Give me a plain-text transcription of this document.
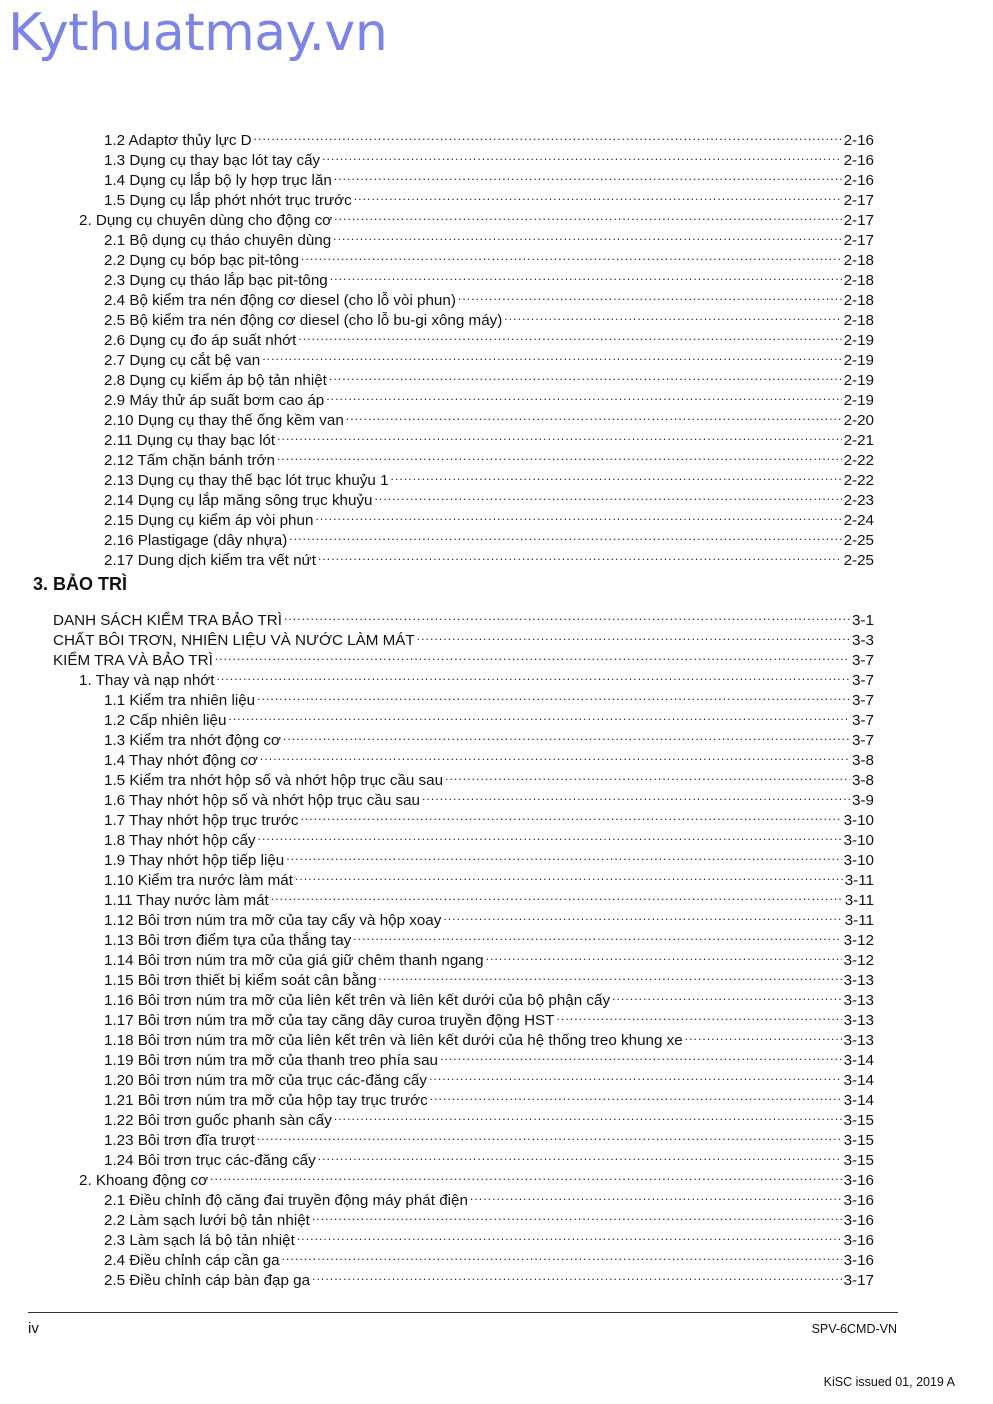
Kythuatmay.vn
1.2 Adaptơ thủy lực D .....	2-16
1.3 Dụng cụ thay bạc lót tay cấy .....	2-16
1.4 Dụng cụ lắp bộ ly hợp trục lăn .....	2-16
1.5 Dụng cụ lắp phớt nhớt trục trước .....	2-17
2. Dụng cụ chuyên dùng cho động cơ .....	2-17
2.1 Bộ dụng cụ tháo chuyên dùng .....	2-17
2.2 Dụng cụ bóp bạc pit-tông .....	2-18
2.3 Dụng cụ tháo lắp bạc pit-tông .....	2-18
2.4 Bộ kiểm tra nén động cơ diesel (cho lỗ vòi phun) .....	2-18
2.5 Bộ kiểm tra nén động cơ diesel (cho lỗ bu-gi xông máy) .....	2-18
2.6 Dụng cụ đo áp suất nhớt .....	2-19
2.7 Dụng cụ cắt bệ van .....	2-19
2.8 Dụng cụ kiểm áp bộ tản nhiệt .....	2-19
2.9 Máy thử áp suất bơm cao áp .....	2-19
2.10 Dụng cụ thay thế ống kềm van .....	2-20
2.11 Dụng cụ thay bạc lót .....	2-21
2.12 Tấm chặn bánh trớn .....	2-22
2.13 Dụng cụ thay thế bạc lót trục khuỷu 1 .....	2-22
2.14 Dụng cụ lắp măng sông trục khuỷu .....	2-23
2.15 Dụng cụ kiểm áp vòi phun .....	2-24
2.16 Plastigage (dây nhựa) .....	2-25
2.17 Dung dịch kiểm tra vết nứt .....	2-25
3. BẢO TRÌ
DANH SÁCH KIỂM TRA BẢO TRÌ .....	3-1
CHẤT BÔI TRƠN, NHIÊN LIỆU VÀ NƯỚC LÀM MÁT .....	3-3
KIỂM TRA VÀ BẢO TRÌ .....	3-7
1. Thay và nạp nhớt .....	3-7
1.1 Kiểm tra nhiên liệu .....	3-7
1.2 Cấp nhiên liệu .....	3-7
1.3 Kiểm tra nhớt động cơ .....	3-7
1.4 Thay nhớt động cơ .....	3-8
1.5 Kiểm tra nhớt hộp số và nhớt hộp trục cầu sau .....	3-8
1.6 Thay nhớt hộp số và nhớt hộp trục cầu sau .....	3-9
1.7 Thay nhớt hộp trục trước .....	3-10
1.8 Thay nhớt hộp cấy .....	3-10
1.9 Thay nhớt hộp tiếp liệu .....	3-10
1.10 Kiểm tra nước làm mát .....	3-11
1.11 Thay nước làm mát .....	3-11
1.12 Bôi trơn núm tra mỡ của tay cấy và hộp xoay .....	3-11
1.13 Bôi trơn điểm tựa của thắng tay .....	3-12
1.14 Bôi trơn núm tra mỡ của giá giữ chêm thanh ngang .....	3-12
1.15 Bôi trơn thiết bị kiểm soát cân bằng .....	3-13
1.16 Bôi trơn núm tra mỡ của liên kết trên và liên kết dưới của bộ phận cấy .....	3-13
1.17 Bôi trơn núm tra mỡ của tay căng dây curoa truyền động HST .....	3-13
1.18 Bôi trơn núm tra mỡ của liên kết trên và liên kết dưới của hệ thống treo khung xe .....	3-13
1.19 Bôi trơn núm tra mỡ của thanh treo phía sau .....	3-14
1.20 Bôi trơn núm tra mỡ của trục các-đăng cấy .....	3-14
1.21 Bôi trơn núm tra mỡ của hộp tay trục trước .....	3-14
1.22 Bôi trơn guốc phanh sàn cấy .....	3-15
1.23 Bôi trơn đĩa trượt .....	3-15
1.24 Bôi trơn trục các-đăng cấy .....	3-15
2. Khoang động cơ .....	3-16
2.1 Điều chỉnh độ căng đai truyền động máy phát điện .....	3-16
2.2 Làm sạch lưới bộ tản nhiệt .....	3-16
2.3 Làm sạch lá bộ tản nhiệt .....	3-16
2.4 Điều chỉnh cáp cần ga .....	3-16
2.5 Điều chỉnh cáp bàn đạp ga .....	3-17
iv	SPV-6CMD-VN
KiSC issued 01, 2019 A
